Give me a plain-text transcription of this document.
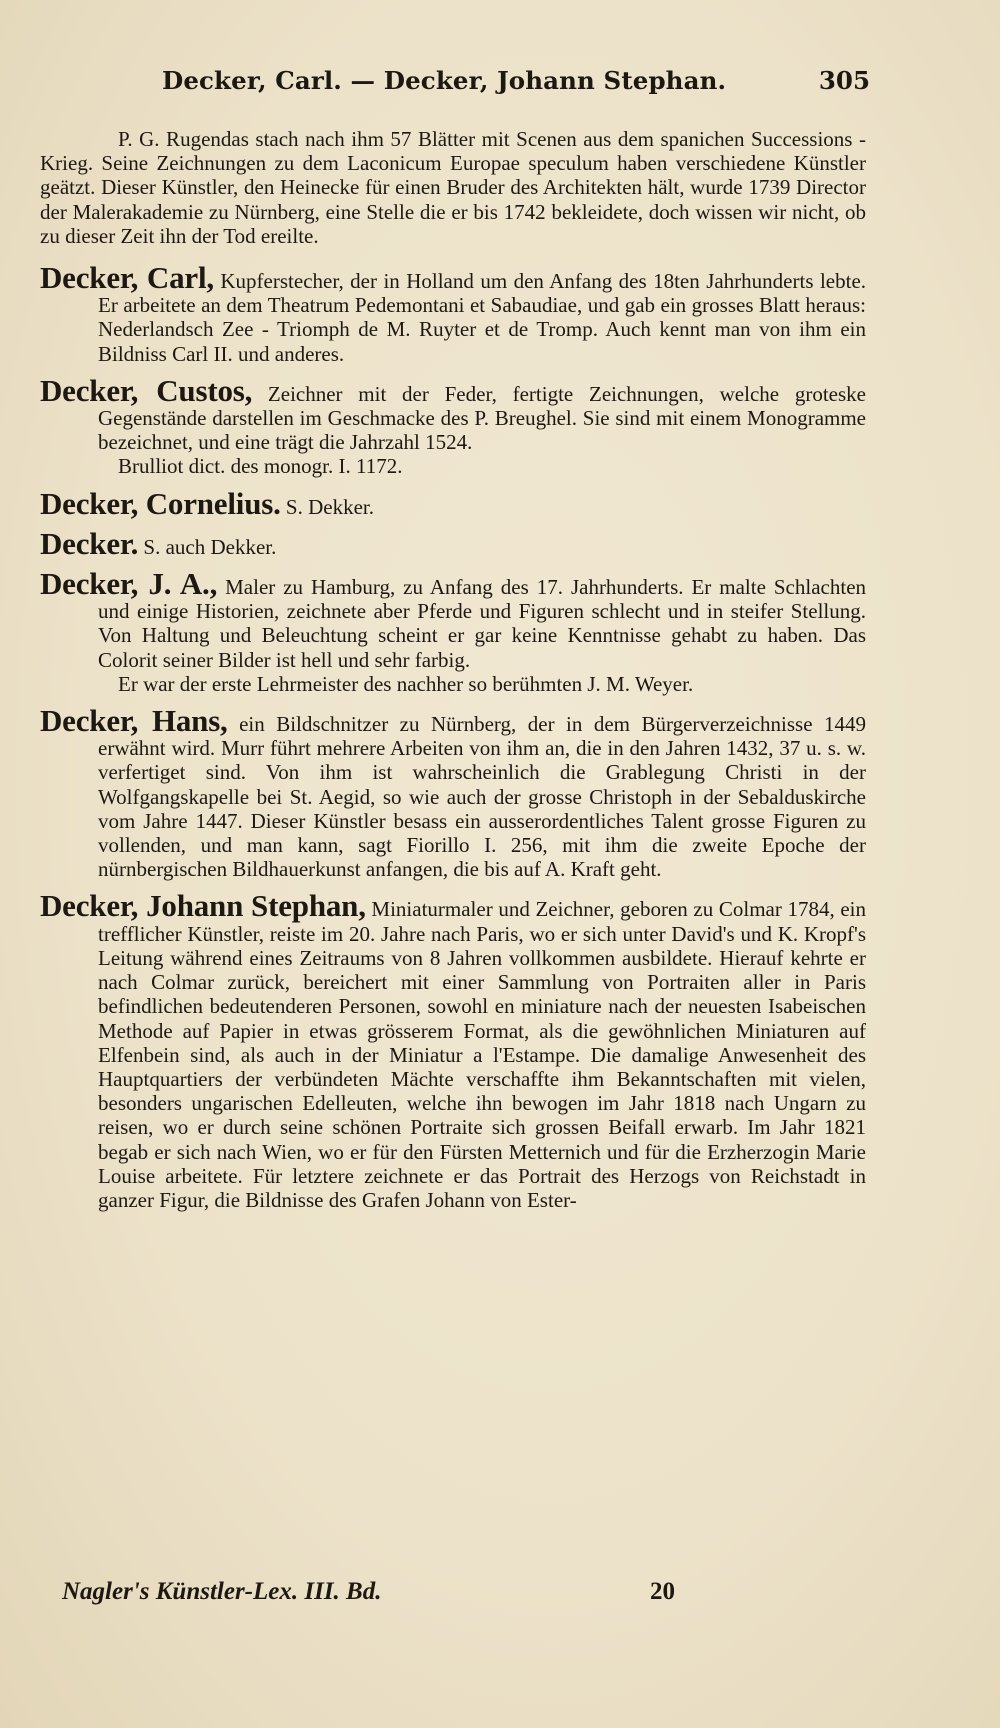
Decker, Carl. — Decker, Johann Stephan.	305
P. G. Rugendas stach nach ihm 57 Blätter mit Scenen aus dem spanichen Successions - Krieg. Seine Zeichnungen zu dem Laconicum Europae speculum haben verschiedene Künstler geätzt. Dieser Künstler, den Heinecke für einen Bruder des Architekten hält, wurde 1739 Director der Malerakademie zu Nürnberg, eine Stelle die er bis 1742 bekleidete, doch wissen wir nicht, ob zu dieser Zeit ihn der Tod ereilte.
Decker, Carl, Kupferstecher, der in Holland um den Anfang des 18ten Jahrhunderts lebte. Er arbeitete an dem Theatrum Pedemontani et Sabaudiae, und gab ein grosses Blatt heraus: Nederlandsch Zee - Triomph de M. Ruyter et de Tromp. Auch kennt man von ihm ein Bildniss Carl II. und anderes.
Decker, Custos, Zeichner mit der Feder, fertigte Zeichnungen, welche groteske Gegenstände darstellen im Geschmacke des P. Breughel. Sie sind mit einem Monogramme bezeichnet, und eine trägt die Jahrzahl 1524.
Brulliot dict. des monogr. I. 1172.
Decker, Cornelius. S. Dekker.
Decker. S. auch Dekker.
Decker, J. A., Maler zu Hamburg, zu Anfang des 17. Jahrhunderts. Er malte Schlachten und einige Historien, zeichnete aber Pferde und Figuren schlecht und in steifer Stellung. Von Haltung und Beleuchtung scheint er gar keine Kenntnisse gehabt zu haben. Das Colorit seiner Bilder ist hell und sehr farbig.
Er war der erste Lehrmeister des nachher so berühmten J. M. Weyer.
Decker, Hans, ein Bildschnitzer zu Nürnberg, der in dem Bürgerverzeichnisse 1449 erwähnt wird. Murr führt mehrere Arbeiten von ihm an, die in den Jahren 1432, 37 u. s. w. verfertiget sind. Von ihm ist wahrscheinlich die Grablegung Christi in der Wolfgangskapelle bei St. Aegid, so wie auch der grosse Christoph in der Sebalduskirche vom Jahre 1447. Dieser Künstler besass ein ausserordentliches Talent grosse Figuren zu vollenden, und man kann, sagt Fiorillo I. 256, mit ihm die zweite Epoche der nürnbergischen Bildhauerkunst anfangen, die bis auf A. Kraft geht.
Decker, Johann Stephan, Miniaturmaler und Zeichner, geboren zu Colmar 1784, ein trefflicher Künstler, reiste im 20. Jahre nach Paris, wo er sich unter David's und K. Kropf's Leitung während eines Zeitraums von 8 Jahren vollkommen ausbildete. Hierauf kehrte er nach Colmar zurück, bereichert mit einer Sammlung von Portraiten aller in Paris befindlichen bedeutenderen Personen, sowohl en miniature nach der neuesten Isabeischen Methode auf Papier in etwas grösserem Format, als die gewöhnlichen Miniaturen auf Elfenbein sind, als auch in der Miniatur a l'Estampe. Die damalige Anwesenheit des Hauptquartiers der verbündeten Mächte verschaffte ihm Bekanntschaften mit vielen, besonders ungarischen Edelleuten, welche ihn bewogen im Jahr 1818 nach Ungarn zu reisen, wo er durch seine schönen Portraite sich grossen Beifall erwarb. Im Jahr 1821 begab er sich nach Wien, wo er für den Fürsten Metternich und für die Erzherzogin Marie Louise arbeitete. Für letztere zeichnete er das Portrait des Herzogs von Reichstadt in ganzer Figur, die Bildnisse des Grafen Johann von Ester-
Nagler's Künstler-Lex. III. Bd.	20
